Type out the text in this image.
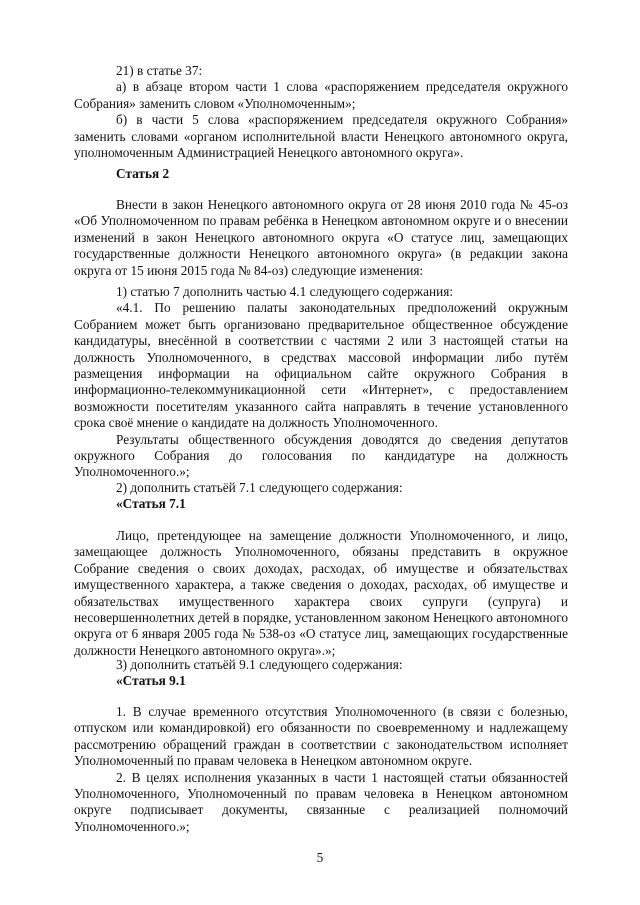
21) в статье 37:

а) в абзаце втором части 1 слова «распоряжением председателя окружного Собрания» заменить словом «Уполномоченным»;

б) в части 5 слова «распоряжением председателя окружного Собрания» заменить словами «органом исполнительной власти Ненецкого автономного округа, уполномоченным Администрацией Ненецкого автономного округа».

Статья 2

Внести в закон Ненецкого автономного округа от 28 июня 2010 года № 45-оз «Об Уполномоченном по правам ребёнка в Ненецком автономном округе и о внесении изменений в закон Ненецкого автономного округа «О статусе лиц, замещающих государственные должности Ненецкого автономного округа» (в редакции закона округа от 15 июня 2015 года № 84-оз) следующие изменения:

1) статью 7 дополнить частью 4.1 следующего содержания:

«4.1. По решению палаты законодательных предположений окружным Собранием может быть организовано предварительное общественное обсуждение кандидатуры, внесённой в соответствии с частями 2 или 3 настоящей статьи на должность Уполномоченного, в средствах массовой информации либо путём размещения информации на официальном сайте окружного Собрания в информационно-телекоммуникационной сети «Интернет», с предоставлением возможности посетителям указанного сайта направлять в течение установленного срока своё мнение о кандидате на должность Уполномоченного.

Результаты общественного обсуждения доводятся до сведения депутатов окружного Собрания до голосования по кандидатуре на должность Уполномоченного.»;

2) дополнить статьёй 7.1 следующего содержания:

«Статья 7.1

Лицо, претендующее на замещение должности Уполномоченного, и лицо, замещающее должность Уполномоченного, обязаны представить в окружное Собрание сведения о своих доходах, расходах, об имуществе и обязательствах имущественного характера, а также сведения о доходах, расходах, об имуществе и обязательствах имущественного характера своих супруги (супруга) и несовершеннолетних детей в порядке, установленном законом Ненецкого автономного округа от 6 января 2005 года № 538-оз «О статусе лиц, замещающих государственные должности Ненецкого автономного округа».»;

3) дополнить статьёй 9.1 следующего содержания:

«Статья 9.1

1. В случае временного отсутствия Уполномоченного (в связи с болезнью, отпуском или командировкой) его обязанности по своевременному и надлежащему рассмотрению обращений граждан в соответствии с законодательством исполняет Уполномоченный по правам человека в Ненецком автономном округе.

2. В целях исполнения указанных в части 1 настоящей статьи обязанностей Уполномоченного, Уполномоченный по правам человека в Ненецком автономном округе подписывает документы, связанные с реализацией полномочий Уполномоченного.»;

5
